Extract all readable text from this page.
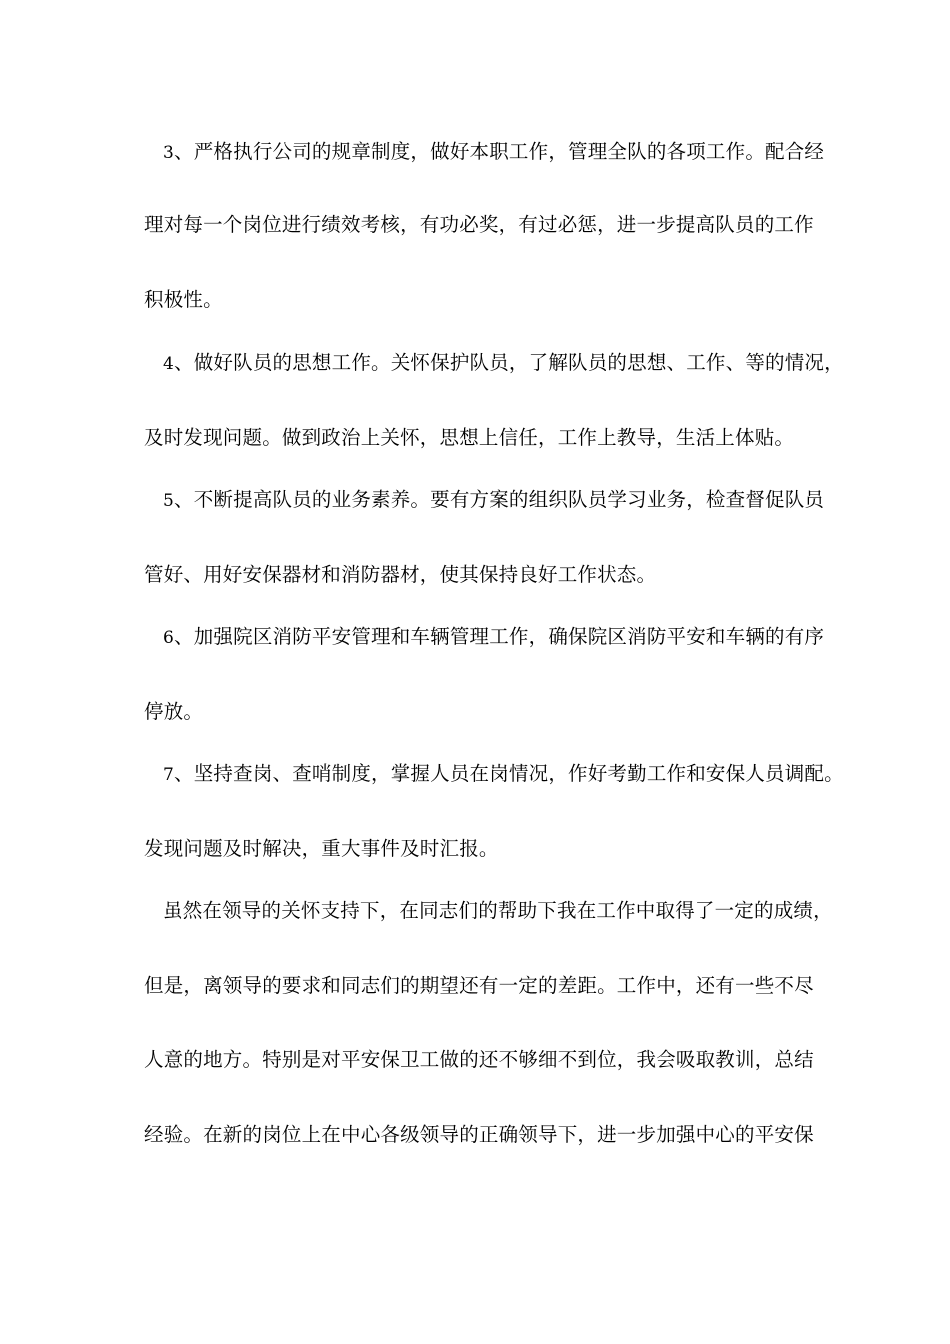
3、严格执行公司的规章制度，做好本职工作，管理全队的各项工作。配合经
理对每一个岗位进行绩效考核，有功必奖，有过必惩，进一步提高队员的工作
积极性。
4、做好队员的思想工作。关怀保护队员，了解队员的思想、工作、等的情况，
及时发现问题。做到政治上关怀，思想上信任，工作上教导，生活上体贴。
5、不断提高队员的业务素养。要有方案的组织队员学习业务，检查督促队员
管好、用好安保器材和消防器材，使其保持良好工作状态。
6、加强院区消防平安管理和车辆管理工作，确保院区消防平安和车辆的有序
停放。
7、坚持查岗、查哨制度，掌握人员在岗情况，作好考勤工作和安保人员调配。
发现问题及时解决，重大事件及时汇报。
虽然在领导的关怀支持下，在同志们的帮助下我在工作中取得了一定的成绩，
但是，离领导的要求和同志们的期望还有一定的差距。工作中，还有一些不尽
人意的地方。特别是对平安保卫工做的还不够细不到位，我会吸取教训，总结
经验。在新的岗位上在中心各级领导的正确领导下，进一步加强中心的平安保
